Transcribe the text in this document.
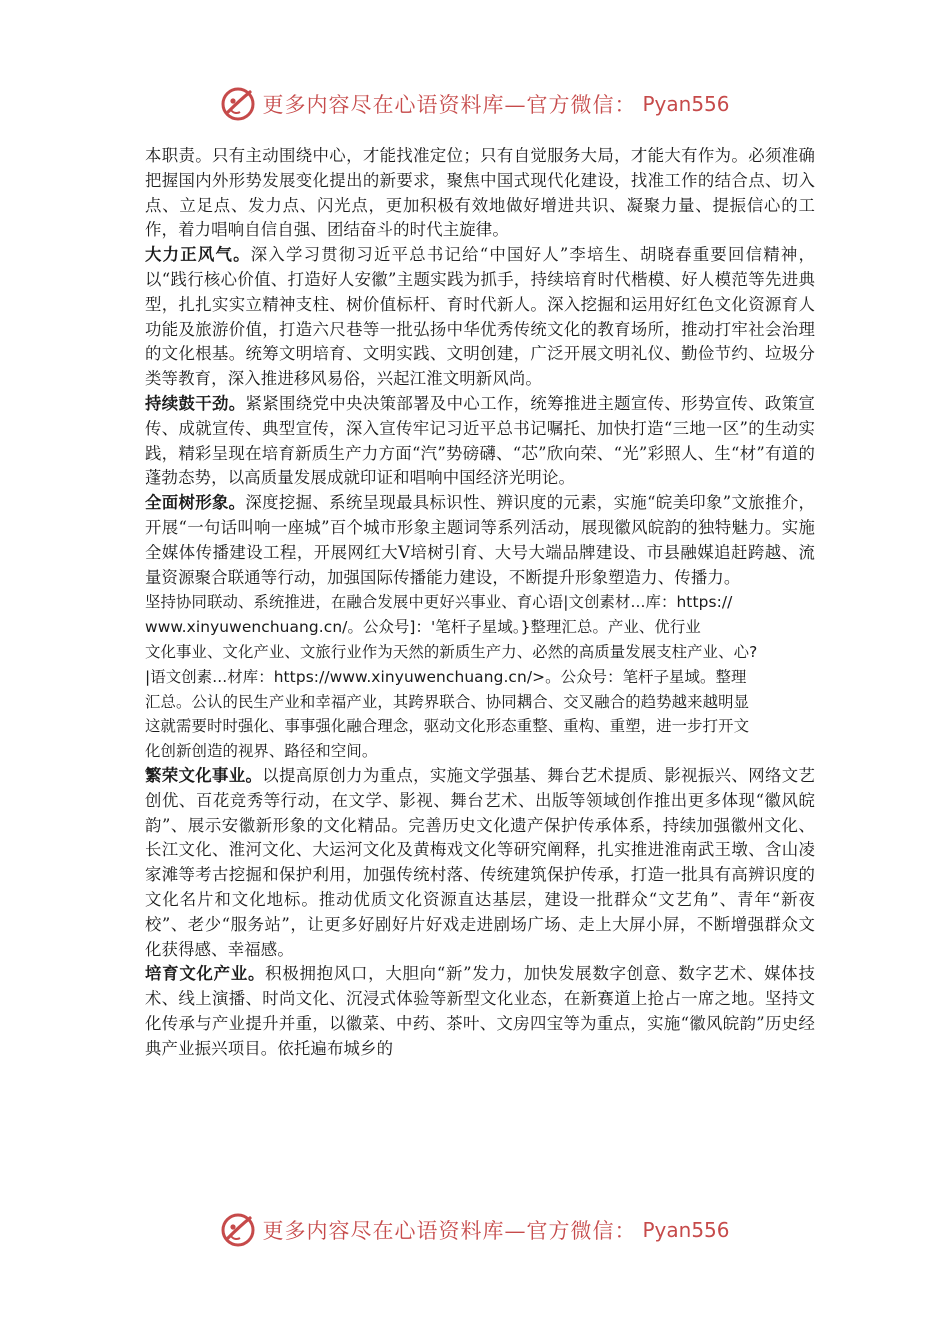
更多内容尽在心语资料库—官方微信： Pyan556

本职责。只有主动围绕中心，才能找准定位；只有自觉服务大局，才能大有作为。必须准确把握国内外形势发展变化提出的新要求，聚焦中国式现代化建设，找准工作的结合点、切入点、立足点、发力点、闪光点，更加积极有效地做好增进共识、凝聚力量、提振信心的工作，着力唱响自信自强、团结奋斗的时代主旋律。

大力正风气。深入学习贯彻习近平总书记给“中国好人”李培生、胡晓春重要回信精神，以“践行核心价值、打造好人安徽”主题实践为抓手，持续培育时代楷模、好人模范等先进典型，扎扎实实立精神支柱、树价值标杆、育时代新人。深入挖掘和运用好红色文化资源育人功能及旅游价值，打造六尺巷等一批弘扬中华优秀传统文化的教育场所，推动打牢社会治理的文化根基。统筹文明培育、文明实践、文明创建，广泛开展文明礼仪、勤俭节约、垃圾分类等教育，深入推进移风易俗，兴起江淮文明新风尚。

持续鼓干劲。紧紧围绕党中央决策部署及中心工作，统筹推进主题宣传、形势宣传、政策宣传、成就宣传、典型宣传，深入宣传牢记习近平总书记嘱托、加快打造“三地一区”的生动实践，精彩呈现在培育新质生产力方面“汽”势磅礴、“芯”欣向荣、“光”彩照人、生“材”有道的蓬勃态势，以高质量发展成就印证和唱响中国经济光明论。

全面树形象。深度挖掘、系统呈现最具标识性、辨识度的元素，实施“皖美印象”文旅推介，开展“一句话叫响一座城”百个城市形象主题词等系列活动，展现徽风皖韵的独特魅力。实施全媒体传播建设工程，开展网红大V培树引育、大号大端品牌建设、市县融媒追赶跨越、流量资源聚合联通等行动，加强国际传播能力建设，不断提升形象塑造力、传播力。

坚持协同联动、系统推进，在融合发展中更好兴事业、育心语|文创素材...库：https://

www.xinyuwenchuang.cn/。公众号]：'笔杆子星域。}整理汇总。产业、优行业

文化事业、文化产业、文旅行业作为天然的新质生产力、必然的高质量发展支柱产业、心?

|语文创素...材库：https://www.xinyuwenchuang.cn/>。公众号：笔杆子星域。整理

汇总。公认的民生产业和幸福产业，其跨界联合、协同耦合、交叉融合的趋势越来越明显

这就需要时时强化、事事强化融合理念，驱动文化形态重整、重构、重塑，进一步打开文

化创新创造的视界、路径和空间。

繁荣文化事业。以提高原创力为重点，实施文学强基、舞台艺术提质、影视振兴、网络文艺创优、百花竞秀等行动，在文学、影视、舞台艺术、出版等领域创作推出更多体现“徽风皖韵”、展示安徽新形象的文化精品。完善历史文化遗产保护传承体系，持续加强徽州文化、长江文化、淮河文化、大运河文化及黄梅戏文化等研究阐释，扎实推进淮南武王墩、含山凌家滩等考古挖掘和保护利用，加强传统村落、传统建筑保护传承，打造一批具有高辨识度的文化名片和文化地标。推动优质文化资源直达基层，建设一批群众“文艺角”、青年“新夜校”、老少“服务站”，让更多好剧好片好戏走进剧场广场、走上大屏小屏，不断增强群众文化获得感、幸福感。

培育文化产业。积极拥抱风口，大胆向“新”发力，加快发展数字创意、数字艺术、媒体技术、线上演播、时尚文化、沉浸式体验等新型文化业态，在新赛道上抢占一席之地。坚持文化传承与产业提升并重，以徽菜、中药、茶叶、文房四宝等为重点，实施“徽风皖韵”历史经典产业振兴项目。依托遍布城乡的

更多内容尽在心语资料库—官方微信： Pyan556
